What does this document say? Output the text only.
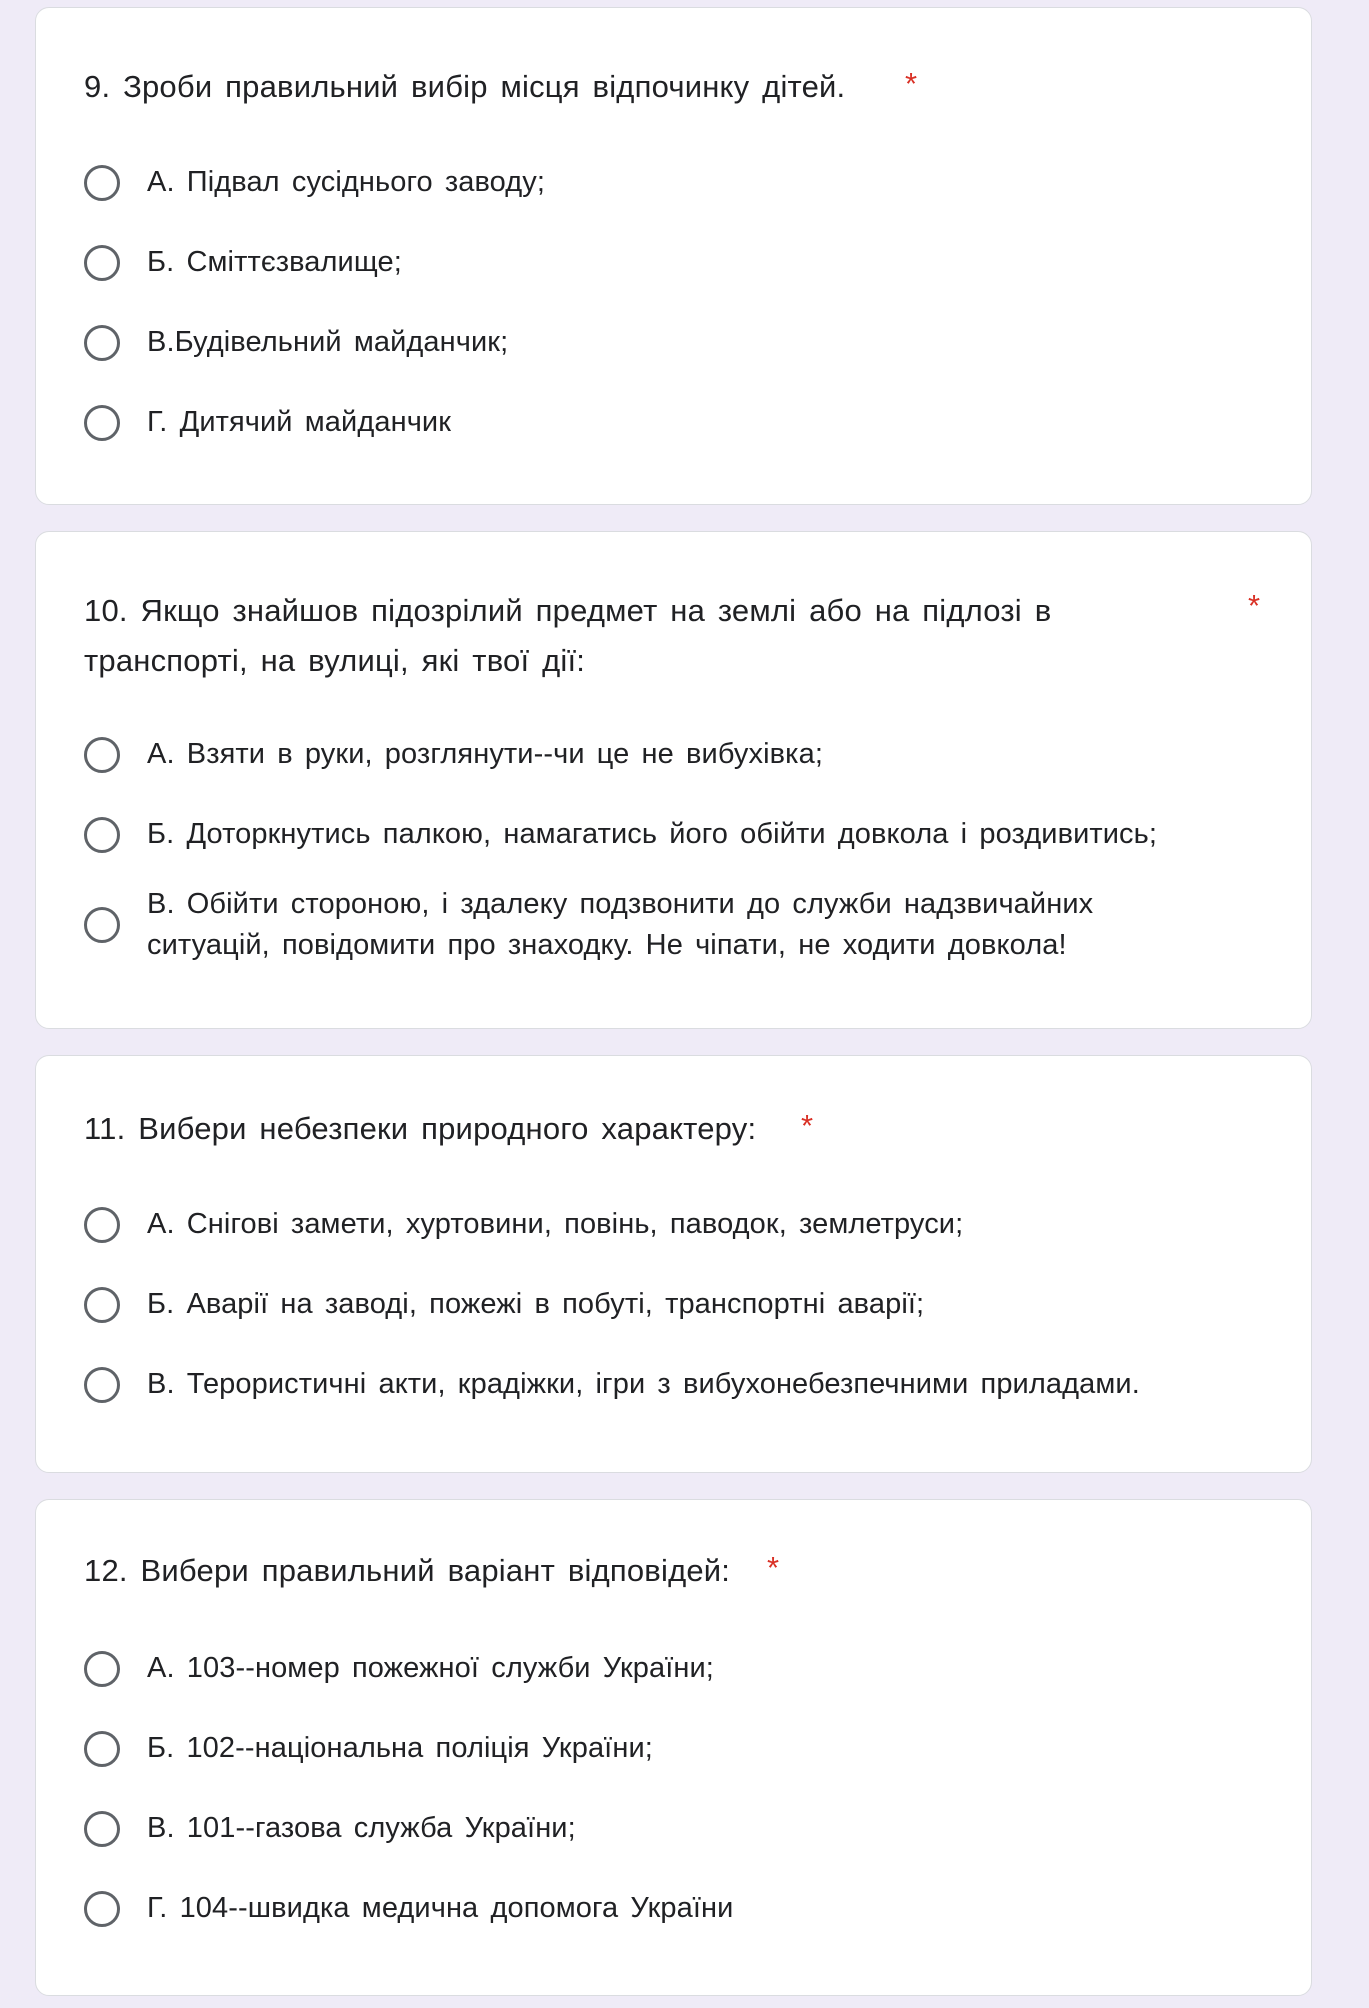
9. Зроби правильний вибір місця відпочинку дітей. *
А. Підвал сусіднього заводу;
Б. Сміттєзвалище;
В.Будівельний майданчик;
Г. Дитячий майданчик
10. Якщо знайшов підозрілий предмет на землі або на підлозі в транспорті, на вулиці, які твої дії:
*
А. Взяти в руки, розглянути--чи це не вибухівка;
Б. Доторкнутись палкою, намагатись його обійти довкола і роздивитись;
В. Обійти стороною, і здалеку подзвонити до служби надзвичайних ситуацій, повідомити про знаходку. Не чіпати, не ходити довкола!
11. Вибери небезпеки природного характеру: *
А. Снігові замети, хуртовини, повінь, паводок, землетруси;
Б. Аварії на заводі, пожежі в побуті, транспортні аварії;
В. Терористичні акти, крадіжки, ігри з вибухонебезпечними приладами.
12. Вибери правильний варіант відповідей: *
А. 103--номер пожежної служби України;
Б. 102--національна поліція України;
В. 101--газова служба України;
Г. 104--швидка медична допомога України
